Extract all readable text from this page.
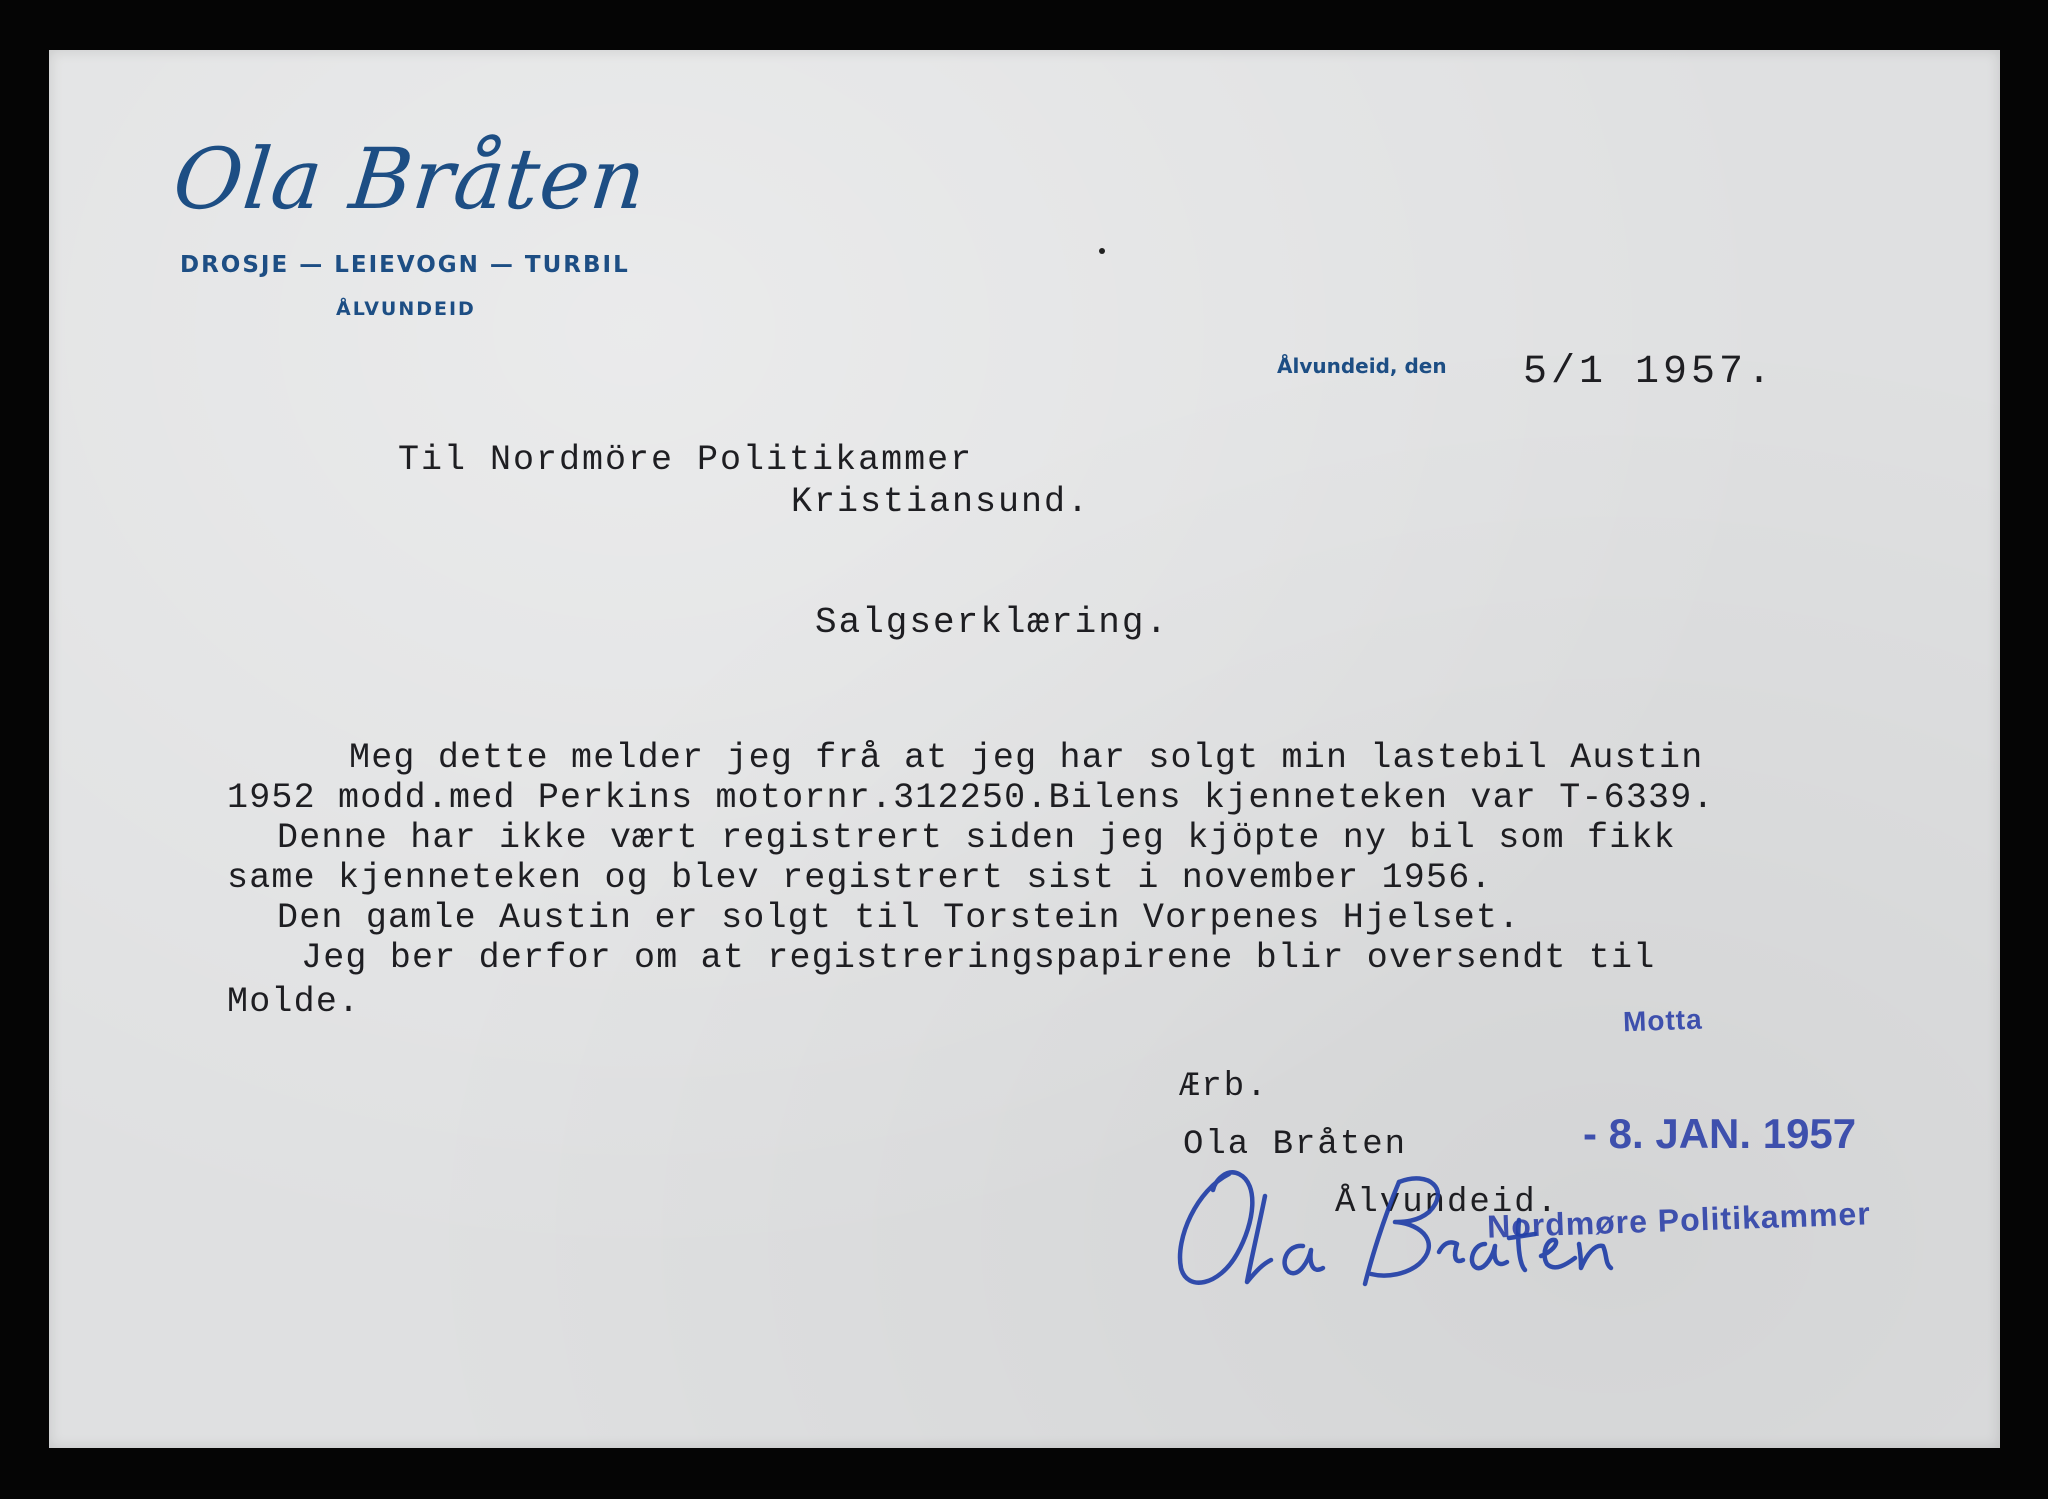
Ola Bråten
DROSJE — LEIEVOGN — TURBIL
ÅLVUNDEID
Ålvundeid, den 5/1 1957.
Til Nordmöre Politikammer
Kristiansund.
Salgserklæring.
Meg dette melder jeg frå at jeg har solgt min lastebil Austin
1952 modd.med Perkins motornr.312250.Bilens kjenneteken var T-6339.
Denne har ikke vært registrert siden jeg kjöpte ny bil som fikk
same kjenneteken og blev registrert sist i november 1956.
Den gamle Austin er solgt til Torstein Vorpenes Hjelset.
Jeg ber derfor om at registreringspapirene blir oversendt til
Molde.
Ærb.
Ola Bråten
Ålvundeid.
Motta
- 8. JAN. 1957
Nordmøre Politikammer
